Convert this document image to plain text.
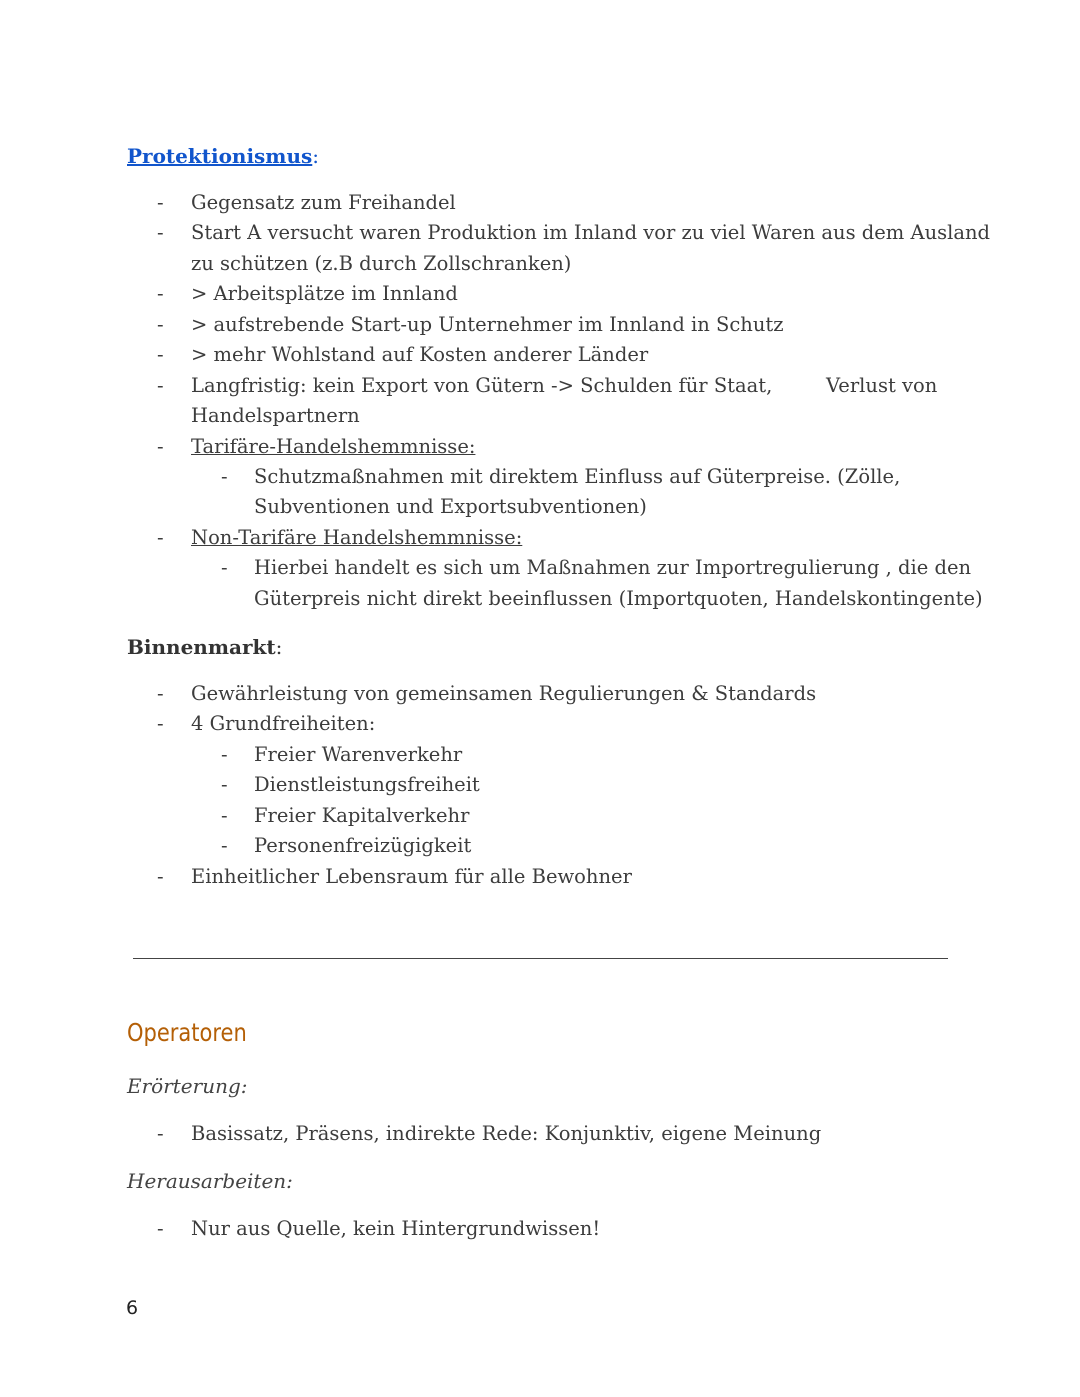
Protektionismus:
- Gegensatz zum Freihandel
- Start A versucht waren Produktion im Inland vor zu viel Waren aus dem Ausland
zu schützen (z.B durch Zollschranken)
- > Arbeitsplätze im Innland
- > aufstrebende Start-up Unternehmer im Innland in Schutz
- > mehr Wohlstand auf Kosten anderer Länder
- Langfristig: kein Export von Gütern -> Schulden für Staat,	Verlust von
Handelspartnern
- Tarifäre-Handelshemmnisse:
- Schutzmaßnahmen mit direktem Einfluss auf Güterpreise. (Zölle,
Subventionen und Exportsubventionen)
- Non-Tarifäre Handelshemmnisse:
- Hierbei handelt es sich um Maßnahmen zur Importregulierung , die den
Güterpreis nicht direkt beeinflussen (Importquoten, Handelskontingente)
Binnenmarkt:
- Gewährleistung von gemeinsamen Regulierungen & Standards
- 4 Grundfreiheiten:
- Freier Warenverkehr
- Dienstleistungsfreiheit
- Freier Kapitalverkehr
- Personenfreizügigkeit
- Einheitlicher Lebensraum für alle Bewohner
Operatoren
Erörterung:
- Basissatz, Präsens, indirekte Rede: Konjunktiv, eigene Meinung
Herausarbeiten:
- Nur aus Quelle, kein Hintergrundwissen!
6
